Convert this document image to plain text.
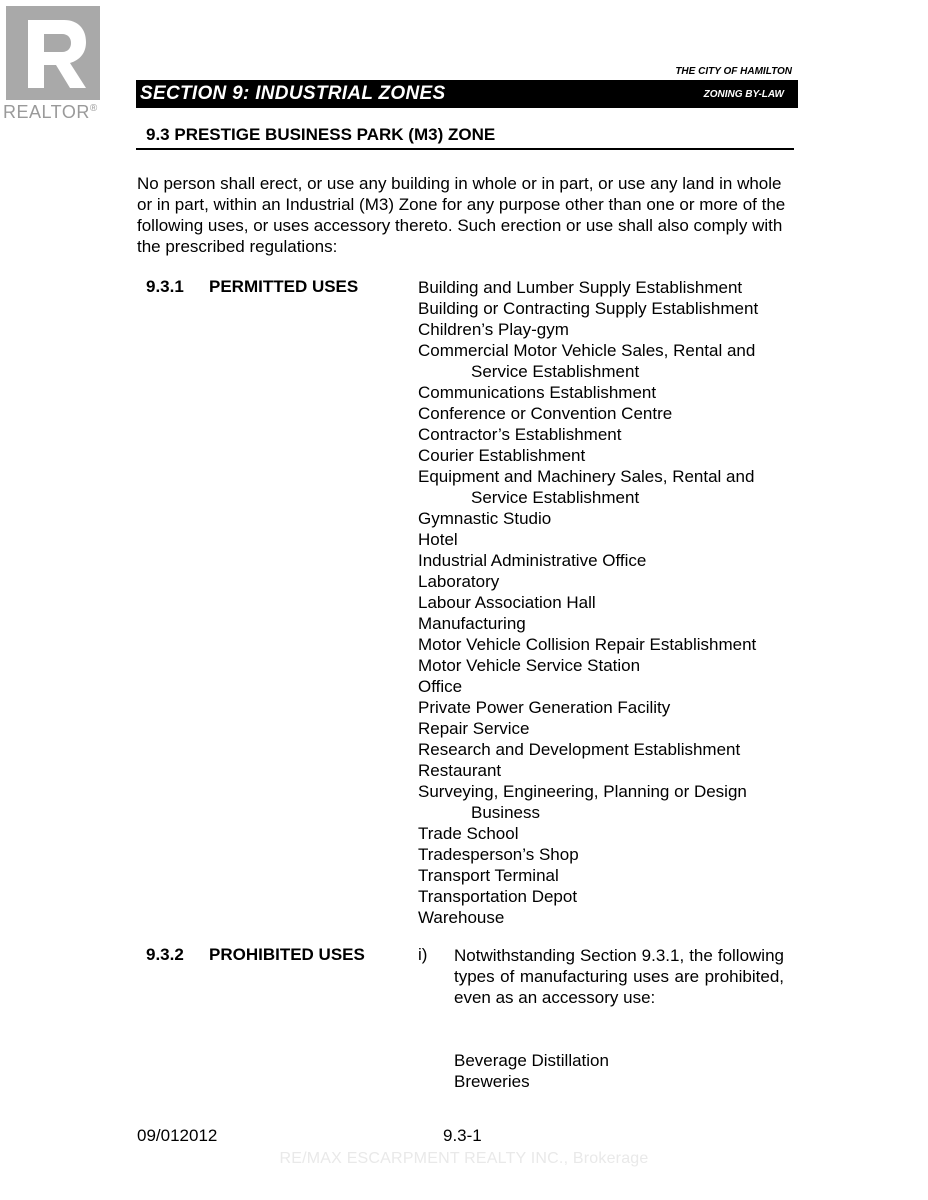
REALTOR®
THE CITY OF HAMILTON
SECTION 9: INDUSTRIAL ZONES	ZONING BY-LAW
9.3 PRESTIGE BUSINESS PARK (M3) ZONE
No person shall erect, or use any building in whole or in part, or use any land in whole or in part, within an Industrial (M3) Zone for any purpose other than one or more of the following uses, or uses accessory thereto. Such erection or use shall also comply with the prescribed regulations:
9.3.1 PERMITTED USES	Building and Lumber Supply Establishment
Building or Contracting Supply Establishment
Children’s Play-gym
Commercial Motor Vehicle Sales, Rental and
Service Establishment
Communications Establishment
Conference or Convention Centre
Contractor’s Establishment
Courier Establishment
Equipment and Machinery Sales, Rental and
Service Establishment
Gymnastic Studio
Hotel
Industrial Administrative Office
Laboratory
Labour Association Hall
Manufacturing
Motor Vehicle Collision Repair Establishment
Motor Vehicle Service Station
Office
Private Power Generation Facility
Repair Service
Research and Development Establishment
Restaurant
Surveying, Engineering, Planning or Design
Business
Trade School
Tradesperson’s Shop
Transport Terminal
Transportation Depot
Warehouse
9.3.2 PROHIBITED USES	i) Notwithstanding Section 9.3.1, the following types of manufacturing uses are prohibited, even as an accessory use:
Beverage Distillation
Breweries
09/012012	9.3-1
RE/MAX ESCARPMENT REALTY INC., Brokerage
